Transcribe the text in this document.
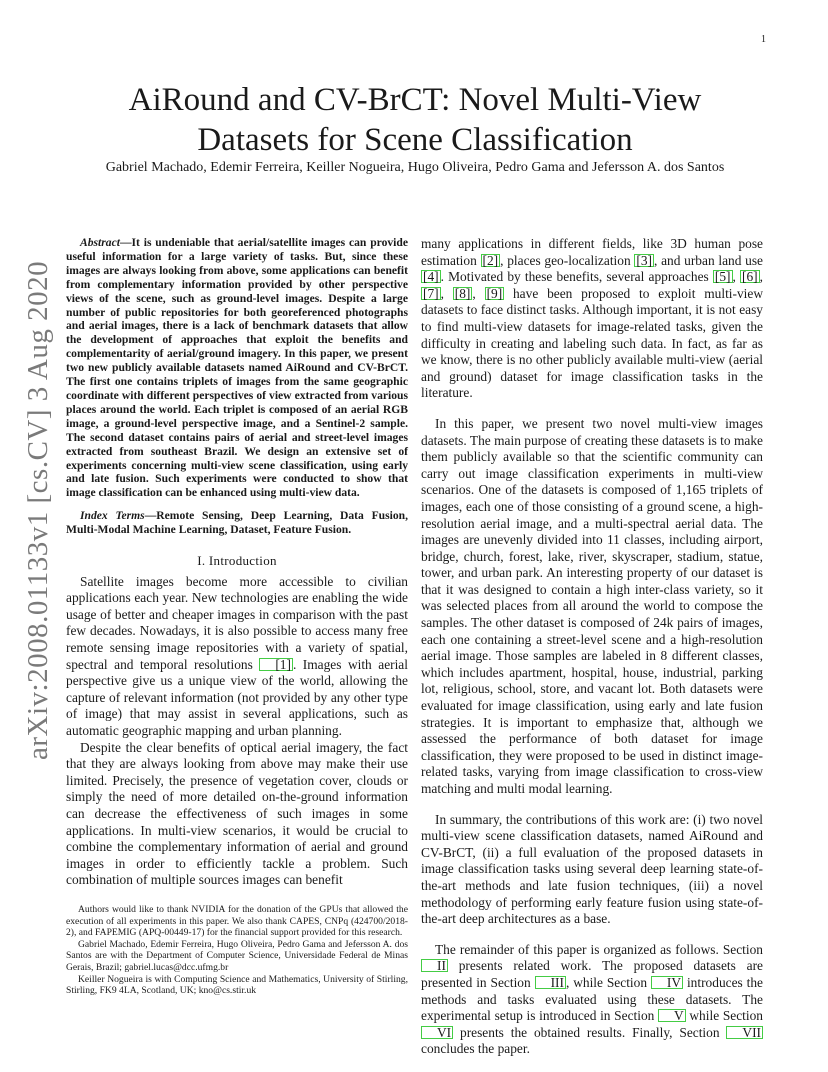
1
arXiv:2008.01133v1 [cs.CV] 3 Aug 2020
AiRound and CV-BrCT: Novel Multi-View
Datasets for Scene Classification

Gabriel Machado, Edemir Ferreira, Keiller Nogueira, Hugo Oliveira, Pedro Gama and Jefersson A. dos Santos

Abstract—It is undeniable that aerial/satellite images can provide useful information for a large variety of tasks. But, since these images are always looking from above, some applications can benefit from complementary information provided by other perspective views of the scene, such as ground-level images. Despite a large number of public repositories for both georeferenced photographs and aerial images, there is a lack of benchmark datasets that allow the development of approaches that exploit the benefits and complementarity of aerial/ground imagery. In this paper, we present two new publicly available datasets named AiRound and CV-BrCT. The first one contains triplets of images from the same geographic coordinate with different perspectives of view extracted from various places around the world. Each triplet is composed of an aerial RGB image, a ground-level perspective image, and a Sentinel-2 sample. The second dataset contains pairs of aerial and street-level images extracted from southeast Brazil. We design an extensive set of experiments concerning multi-view scene classification, using early and late fusion. Such experiments were conducted to show that image classification can be enhanced using multi-view data.

Index Terms—Remote Sensing, Deep Learning, Data Fusion, Multi-Modal Machine Learning, Dataset, Feature Fusion.

I. Introduction

Satellite images become more accessible to civilian applications each year. New technologies are enabling the wide usage of better and cheaper images in comparison with the past few decades. Nowadays, it is also possible to access many free remote sensing image repositories with a variety of spatial, spectral and temporal resolutions [1] . Images with aerial perspective give us a unique view of the world, allowing the capture of relevant information (not provided by any other type of image) that may assist in several applications, such as automatic geographic mapping and urban planning.

Despite the clear benefits of optical aerial imagery, the fact that they are always looking from above may make their use limited. Precisely, the presence of vegetation cover, clouds or simply the need of more detailed on-the-ground information can decrease the effectiveness of such images in some applications. In multi-view scenarios, it would be crucial to combine the complementary information of aerial and ground images in order to efficiently tackle a problem. Such combination of multiple sources images can benefit

Authors would like to thank NVIDIA for the donation of the GPUs that allowed the execution of all experiments in this paper. We also thank CAPES, CNPq (424700/2018-2), and FAPEMIG (APQ-00449-17) for the financial support provided for this research.

Gabriel Machado, Edemir Ferreira, Hugo Oliveira, Pedro Gama and Jefersson A. dos Santos are with the Department of Computer Science, Universidade Federal de Minas Gerais, Brazil; gabriel.lucas@dcc.ufmg.br

Keiller Nogueira is with Computing Science and Mathematics, University of Stirling, Stirling, FK9 4LA, Scotland, UK; kno@cs.stir.uk

many applications in different fields, like 3D human pose estimation [2] , places geo-localization [3] , and urban land use [4] . Motivated by these benefits, several approaches [5] , [6] , [7] , [8] , [9] have been proposed to exploit multi-view datasets to face distinct tasks. Although important, it is not easy to find multi-view datasets for image-related tasks, given the difficulty in creating and labeling such data. In fact, as far as we know, there is no other publicly available multi-view (aerial and ground) dataset for image classification tasks in the literature.

In this paper, we present two novel multi-view images datasets. The main purpose of creating these datasets is to make them publicly available so that the scientific community can carry out image classification experiments in multi-view scenarios. One of the datasets is composed of 1,165 triplets of images, each one of those consisting of a ground scene, a high-resolution aerial image, and a multi-spectral aerial data. The images are unevenly divided into 11 classes, including airport, bridge, church, forest, lake, river, skyscraper, stadium, statue, tower, and urban park. An interesting property of our dataset is that it was designed to contain a high inter-class variety, so it was selected places from all around the world to compose the samples. The other dataset is composed of 24k pairs of images, each one containing a street-level scene and a high-resolution aerial image. Those samples are labeled in 8 different classes, which includes apartment, hospital, house, industrial, parking lot, religious, school, store, and vacant lot. Both datasets were evaluated for image classification, using early and late fusion strategies. It is important to emphasize that, although we assessed the performance of both dataset for image classification, they were proposed to be used in distinct image-related tasks, varying from image classification to cross-view matching and multi modal learning.

In summary, the contributions of this work are: (i) two novel multi-view scene classification datasets, named AiRound and CV-BrCT, (ii) a full evaluation of the proposed datasets in image classification tasks using several deep learning state-of-the-art methods and late fusion techniques, (iii) a novel methodology of performing early feature fusion using state-of-the-art deep architectures as a base.

The remainder of this paper is organized as follows. Section II presents related work. The proposed datasets are presented in Section III , while Section IV introduces the methods and tasks evaluated using these datasets. The experimental setup is introduced in Section V while Section VI presents the obtained results. Finally, Section VII concludes the paper.
